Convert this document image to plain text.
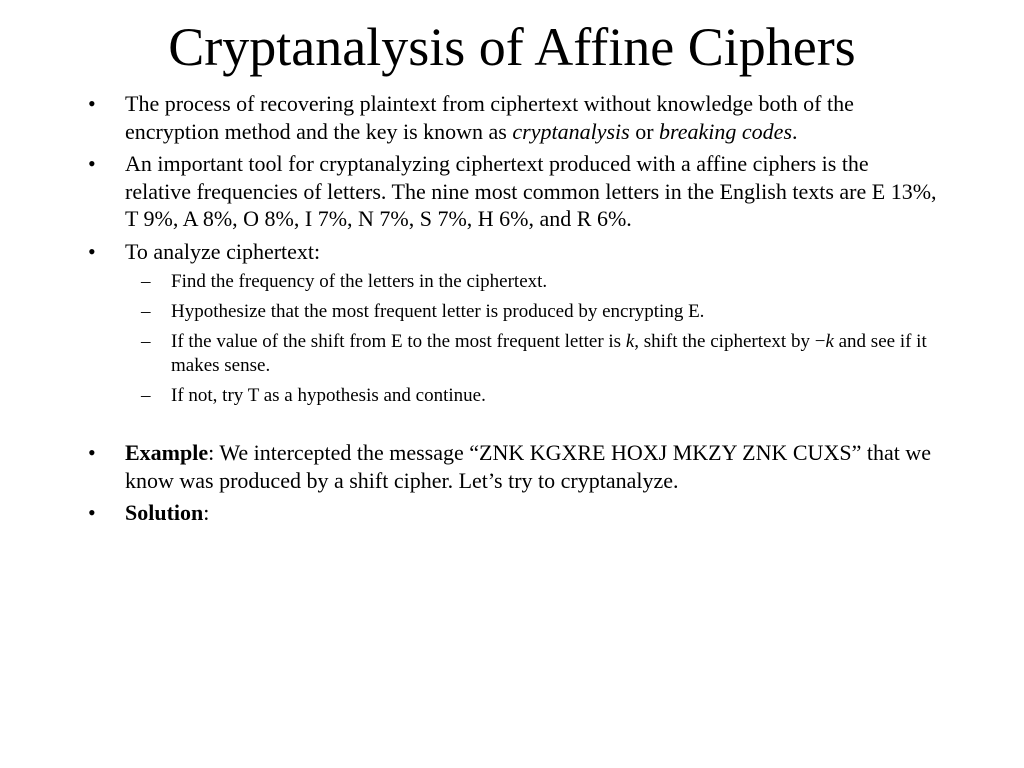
Cryptanalysis of Affine Ciphers
• The process of recovering plaintext from ciphertext without knowledge both of the encryption method and the key is known as cryptanalysis or breaking codes.
• An important tool for cryptanalyzing ciphertext produced with a affine ciphers is the relative frequencies of letters. The nine most common letters in the English texts are E 13%, T 9%, A 8%, O 8%, I 7%, N 7%, S 7%, H 6%, and R 6%.
• To analyze ciphertext:
– Find the frequency of the letters in the ciphertext.
– Hypothesize that the most frequent letter is produced by encrypting E.
– If the value of the shift from E to the most frequent letter is k, shift the ciphertext by −k and see if it makes sense.
– If not, try T as a hypothesis and continue.
• Example: We intercepted the message “ZNK KGXRE HOXJ MKZY ZNK CUXS” that we know was produced by a shift cipher. Let’s try to cryptanalyze.
• Solution:
